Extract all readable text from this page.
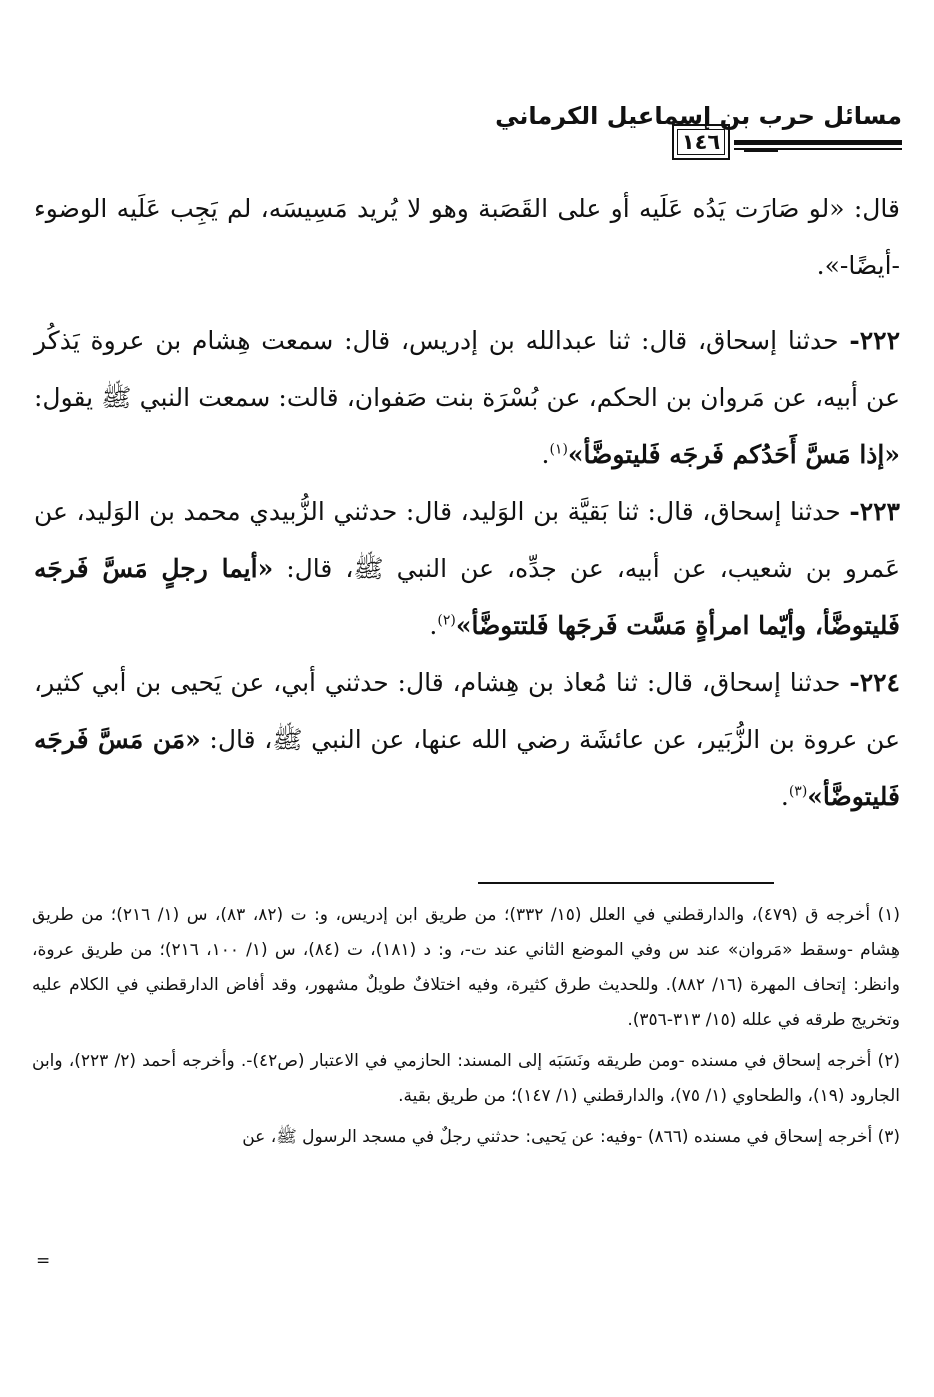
مسائل حرب بن إسماعيل الكرماني
١٤٦

قال: «لو صَارَت يَدُه عَلَيه أو على القَصَبة وهو لا يُريد مَسِيسَه، لم يَجِب عَلَيه الوضوء -أيضًا-».

٢٢٢- حدثنا إسحاق، قال: ثنا عبدالله بن إدريس، قال: سمعت هِشام بن عروة يَذكُر عن أبيه، عن مَروان بن الحكم، عن بُسْرَة بنت صَفوان، قالت: سمعت النبي ﷺ يقول: «إذا مَسَّ أَحَدُكم فَرجَه فَليتوضَّأ»$^{(١)}$.

٢٢٣- حدثنا إسحاق، قال: ثنا بَقيَّة بن الوَليد، قال: حدثني الزُّبيدي محمد بن الوَليد، عن عَمرو بن شعيب، عن أبيه، عن جدِّه، عن النبي ﷺ، قال: «أيما رجلٍ مَسَّ فَرجَه فَليتوضَّأ، وأيّما امرأةٍ مَسَّت فَرجَها فَلتتوضَّأ»$^{(٢)}$.

٢٢٤- حدثنا إسحاق، قال: ثنا مُعاذ بن هِشام، قال: حدثني أبي، عن يَحيى بن أبي كثير، عن عروة بن الزُّبَير، عن عائشَة رضي الله عنها، عن النبي ﷺ، قال: «مَن مَسَّ فَرجَه فَليتوضَّأ»$^{(٣)}$.

(١) أخرجه ق (٤٧٩)، والدارقطني في العلل (١٥/ ٣٣٢)؛ من طريق ابن إدريس، و: ت (٨٢، ٨٣)، س (١/ ٢١٦)؛ من طريق هِشام -وسقط «مَروان» عند س وفي الموضع الثاني عند ت-، و: د (١٨١)، ت (٨٤)، س (١/ ١٠٠، ٢١٦)؛ من طريق عروة، وانظر: إتحاف المهرة (١٦/ ٨٨٢). وللحديث طرق كثيرة، وفيه اختلافٌ طويلٌ مشهور، وقد أفاض الدارقطني في الكلام عليه وتخريج طرقه في علله (١٥/ ٣١٣-٣٥٦).

(٢) أخرجه إسحاق في مسنده -ومن طريقه ونَسَبَه إلى المسند: الحازمي في الاعتبار (ص٤٢)-. وأخرجه أحمد (٢/ ٢٢٣)، وابن الجارود (١٩)، والطحاوي (١/ ٧٥)، والدارقطني (١/ ١٤٧)؛ من طريق بقية.

(٣) أخرجه إسحاق في مسنده (٨٦٦) -وفيه: عن يَحيى: حدثني رجلٌ في مسجد الرسول ﷺ، عن

=
